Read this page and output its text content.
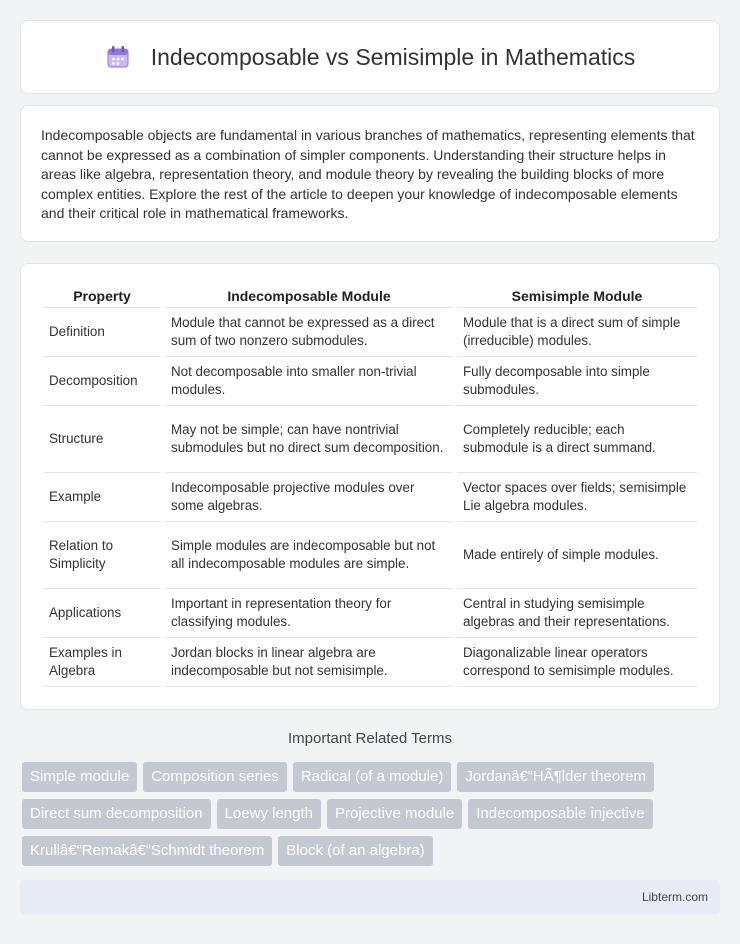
Indecomposable vs Semisimple in Mathematics

Indecomposable objects are fundamental in various branches of mathematics, representing elements that cannot be expressed as a combination of simpler components. Understanding their structure helps in areas like algebra, representation theory, and module theory by revealing the building blocks of more complex entities. Explore the rest of the article to deepen your knowledge of indecomposable elements and their critical role in mathematical frameworks.

Property	Indecomposable Module	Semisimple Module
Definition	Module that cannot be expressed as a direct sum of two nonzero submodules.	Module that is a direct sum of simple (irreducible) modules.
Decomposition	Not decomposable into smaller non-trivial modules.	Fully decomposable into simple submodules.
Structure	May not be simple; can have nontrivial submodules but no direct sum decomposition.	Completely reducible; each submodule is a direct summand.
Example	Indecomposable projective modules over some algebras.	Vector spaces over fields; semisimple Lie algebra modules.
Relation to Simplicity	Simple modules are indecomposable but not all indecomposable modules are simple.	Made entirely of simple modules.
Applications	Important in representation theory for classifying modules.	Central in studying semisimple algebras and their representations.
Examples in Algebra	Jordan blocks in linear algebra are indecomposable but not semisimple.	Diagonalizable linear operators correspond to semisimple modules.
Important Related Terms
Simple module	Composition series	Radical (of a module)	Jordanâ€“HÃ¶lder theorem
Direct sum decomposition	Loewy length	Projective module	Indecomposable injective
Krullâ€“Remakâ€“Schmidt theorem	Block (of an algebra)
Libterm.com
